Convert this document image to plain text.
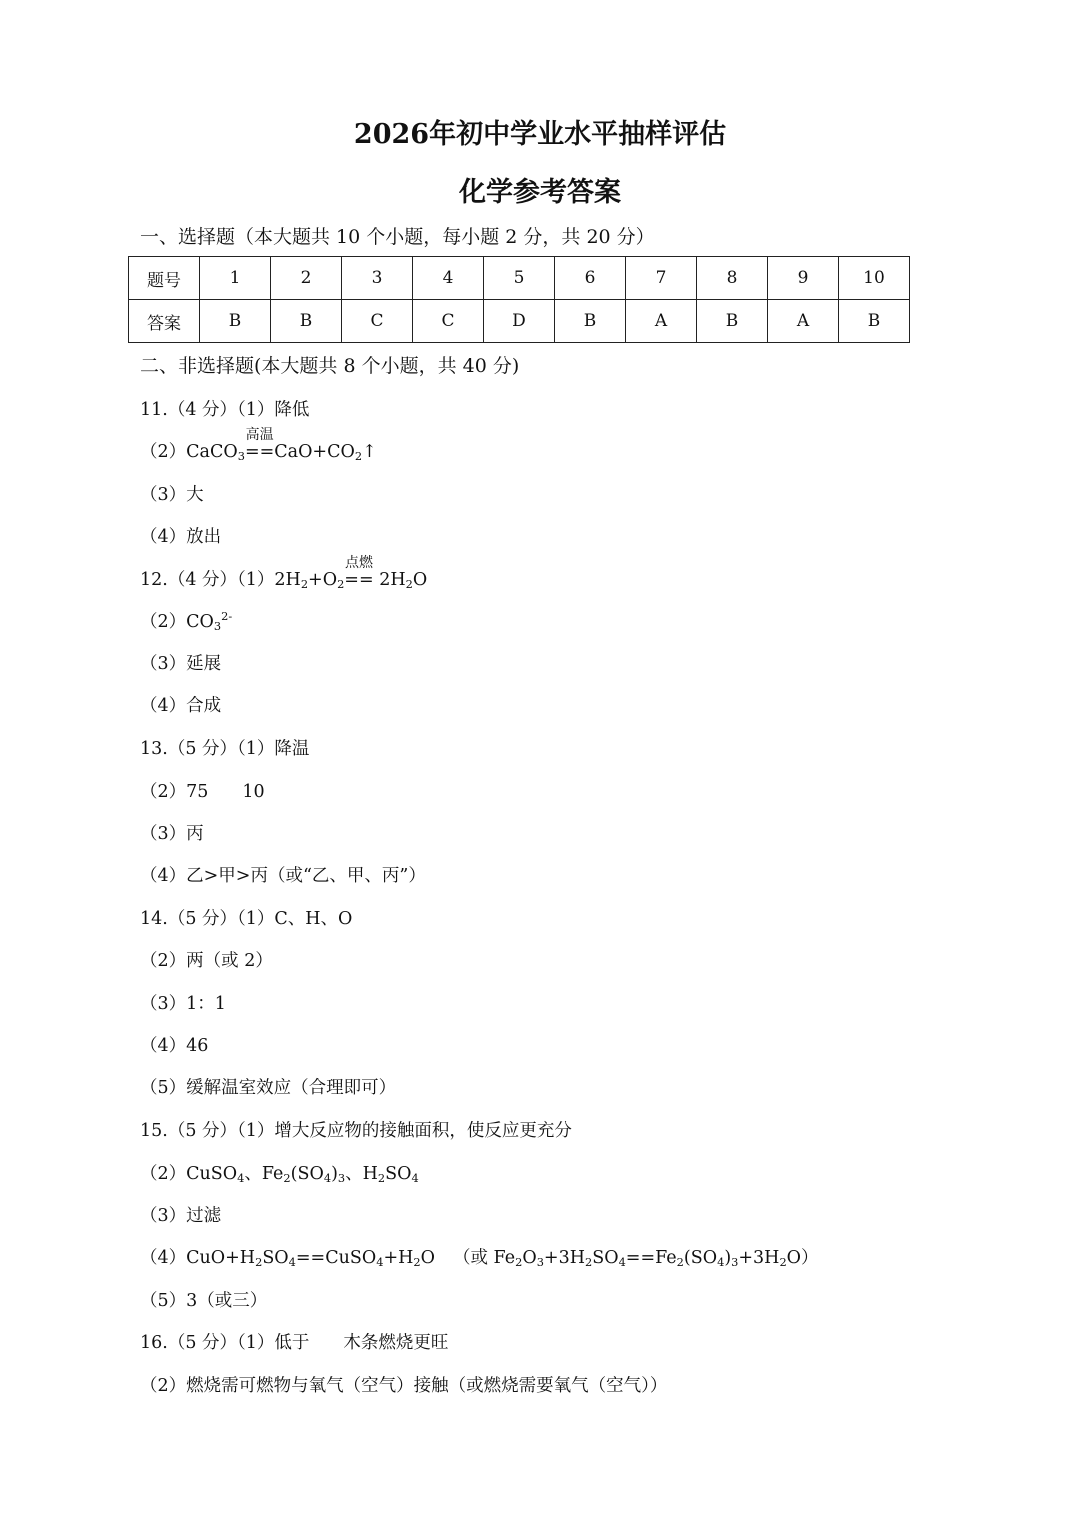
2026年初中学业水平抽样评估
化学参考答案

一、选择题（本大题共 10 个小题，每小题 2 分，共 20 分）

题号	1	2	3	4	5	6	7	8	9	10
答案	B	B	C	C	D	B	A	B	A	B

二、非选择题(本大题共 8 个小题，共 40 分)

11.（4 分）（1）降低

（2）CaCO$_3$
高温
$==CaO+CO_2↑$

（3）大

（4）放出

12.（4 分）$(1)2H_2+O_2$
点燃
== $2H_2O$

$(2)CO_3^{2-}$

（3）延展

（4）合成

13.（5 分）（1）降温

（2）75 10

（3）丙

（4）乙>甲>丙（或“乙、甲、丙”）

14.（5 分）（1）C、H、O

（2）两（或 2）

（3）1：1

（4）46

（5）缓解温室效应（合理即可）

15.（5 分）（1）增大反应物的接触面积，使反应更充分

（2）CuSO$_4$、$Fe_2(SO_4)_3$、$H_2SO_4$

（3）过滤

$(4)CuO+H_2SO_4==CuSO_4+H_2O$ （或 $Fe_2O_3+3H_2SO_4==Fe_2(SO_4)_3+3H_2O$）

（5）3（或三）

16.（5 分）（1）低于 木条燃烧更旺

（2）燃烧需可燃物与氧气（空气）接触（或燃烧需要氧气（空气））
